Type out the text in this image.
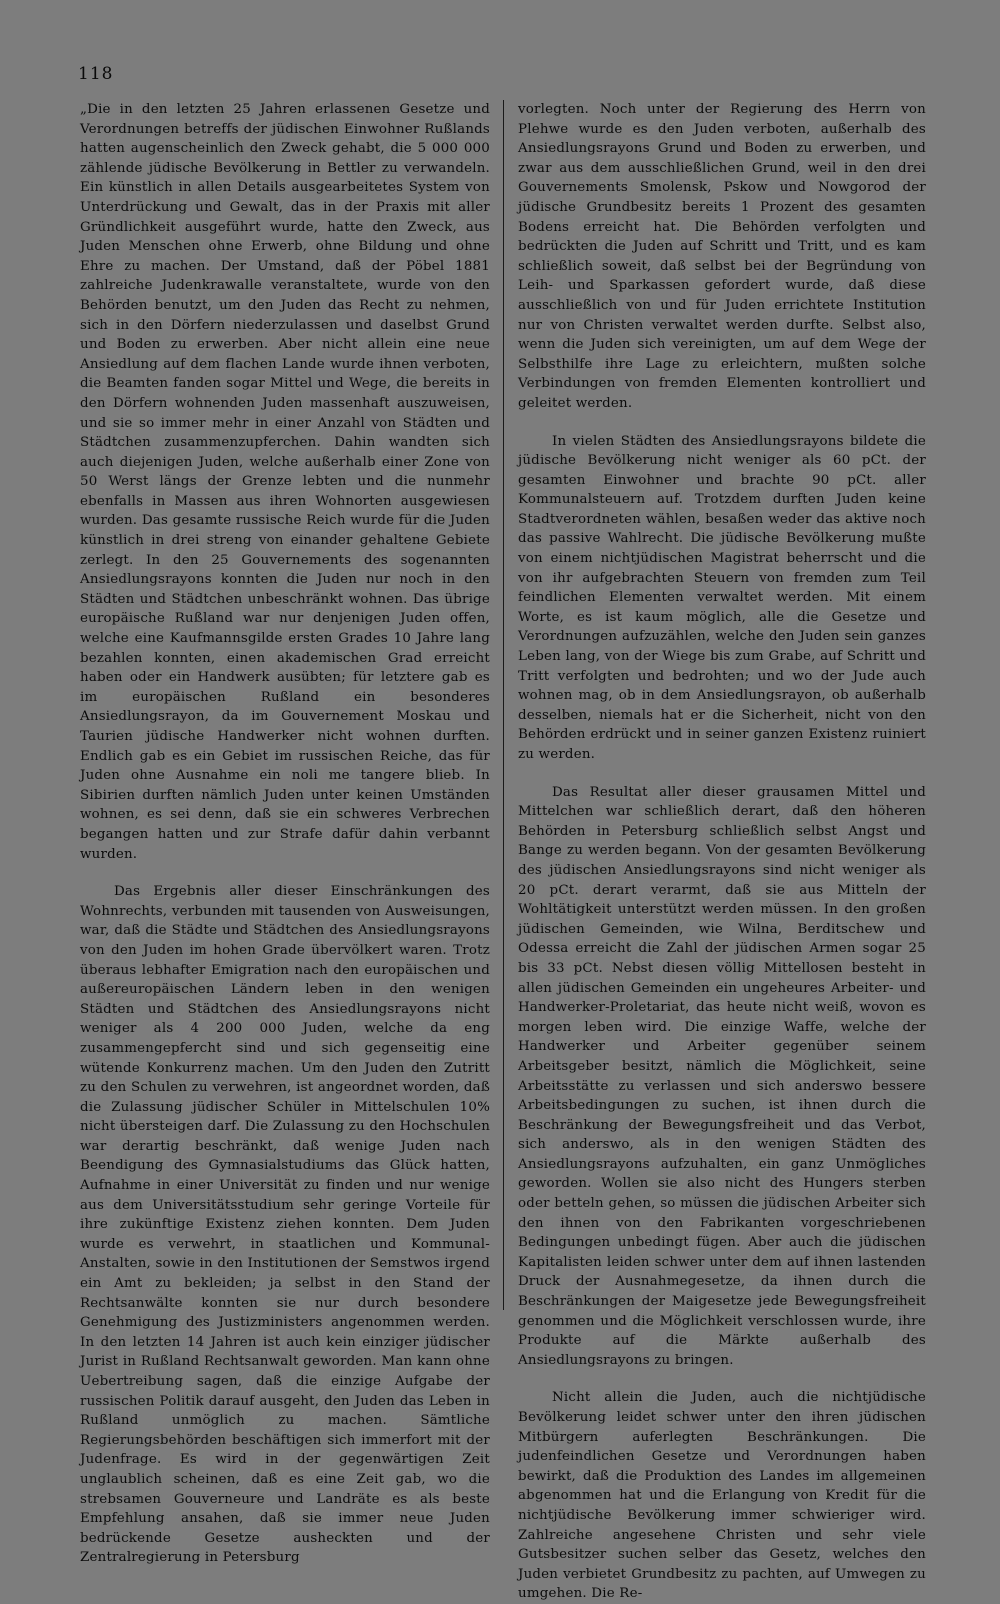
118

„Die in den letzten 25 Jahren erlassenen Gesetze und Verordnungen betreffs der jüdischen Einwohner Rußlands hatten augenscheinlich den Zweck gehabt, die 5 000 000 zählende jüdische Bevölkerung in Bettler zu verwandeln. Ein künstlich in allen Details ausgearbeitetes System von Unterdrückung und Gewalt, das in der Praxis mit aller Gründlichkeit ausgeführt wurde, hatte den Zweck, aus Juden Menschen ohne Erwerb, ohne Bildung und ohne Ehre zu machen. Der Umstand, daß der Pöbel 1881 zahlreiche Judenkrawalle veranstaltete, wurde von den Behörden benutzt, um den Juden das Recht zu nehmen, sich in den Dörfern niederzulassen und daselbst Grund und Boden zu erwerben. Aber nicht allein eine neue Ansiedlung auf dem flachen Lande wurde ihnen verboten, die Beamten fanden sogar Mittel und Wege, die bereits in den Dörfern wohnenden Juden massenhaft auszuweisen, und sie so immer mehr in einer Anzahl von Städten und Städtchen zusammenzupferchen. Dahin wandten sich auch diejenigen Juden, welche außerhalb einer Zone von 50 Werst längs der Grenze lebten und die nunmehr ebenfalls in Massen aus ihren Wohnorten ausgewiesen wurden. Das gesamte russische Reich wurde für die Juden künstlich in drei streng von einander gehaltene Gebiete zerlegt. In den 25 Gouvernements des sogenannten Ansiedlungsrayons konnten die Juden nur noch in den Städten und Städtchen unbeschränkt wohnen. Das übrige europäische Rußland war nur denjenigen Juden offen, welche eine Kaufmannsgilde ersten Grades 10 Jahre lang bezahlen konnten, einen akademischen Grad erreicht haben oder ein Handwerk ausübten; für letztere gab es im europäischen Rußland ein besonderes Ansiedlungsrayon, da im Gouvernement Moskau und Taurien jüdische Handwerker nicht wohnen durften. Endlich gab es ein Gebiet im russischen Reiche, das für Juden ohne Ausnahme ein noli me tangere blieb. In Sibirien durften nämlich Juden unter keinen Umständen wohnen, es sei denn, daß sie ein schweres Verbrechen begangen hatten und zur Strafe dafür dahin verbannt wurden.

Das Ergebnis aller dieser Einschränkungen des Wohnrechts, verbunden mit tausenden von Ausweisungen, war, daß die Städte und Städtchen des Ansiedlungsrayons von den Juden im hohen Grade übervölkert waren. Trotz überaus lebhafter Emigration nach den europäischen und außereuropäischen Ländern leben in den wenigen Städten und Städtchen des Ansiedlungsrayons nicht weniger als 4 200 000 Juden, welche da eng zusammengepfercht sind und sich gegenseitig eine wütende Konkurrenz machen. Um den Juden den Zutritt zu den Schulen zu verwehren, ist angeordnet worden, daß die Zulassung jüdischer Schüler in Mittelschulen 10% nicht übersteigen darf. Die Zulassung zu den Hochschulen war derartig beschränkt, daß wenige Juden nach Beendigung des Gymnasialstudiums das Glück hatten, Aufnahme in einer Universität zu finden und nur wenige aus dem Universitätsstudium sehr geringe Vorteile für ihre zukünftige Existenz ziehen konnten. Dem Juden wurde es verwehrt, in staatlichen und Kommunal-Anstalten, sowie in den Institutionen der Semstwos irgend ein Amt zu bekleiden; ja selbst in den Stand der Rechtsanwälte konnten sie nur durch besondere Genehmigung des Justizministers angenommen werden. In den letzten 14 Jahren ist auch kein einziger jüdischer Jurist in Rußland Rechtsanwalt geworden. Man kann ohne Uebertreibung sagen, daß die einzige Aufgabe der russischen Politik darauf ausgeht, den Juden das Leben in Rußland unmöglich zu machen. Sämtliche Regierungsbehörden beschäftigen sich immerfort mit der Judenfrage. Es wird in der gegenwärtigen Zeit unglaublich scheinen, daß es eine Zeit gab, wo die strebsamen Gouverneure und Landräte es als beste Empfehlung ansahen, daß sie immer neue Juden bedrückende Gesetze ausheckten und der Zentralregierung in Petersburg

vorlegten. Noch unter der Regierung des Herrn von Plehwe wurde es den Juden verboten, außerhalb des Ansiedlungsrayons Grund und Boden zu erwerben, und zwar aus dem ausschließlichen Grund, weil in den drei Gouvernements Smolensk, Pskow und Nowgorod der jüdische Grundbesitz bereits 1 Prozent des gesamten Bodens erreicht hat. Die Behörden verfolgten und bedrückten die Juden auf Schritt und Tritt, und es kam schließlich soweit, daß selbst bei der Begründung von Leih- und Sparkassen gefordert wurde, daß diese ausschließlich von und für Juden errichtete Institution nur von Christen verwaltet werden durfte. Selbst also, wenn die Juden sich vereinigten, um auf dem Wege der Selbsthilfe ihre Lage zu erleichtern, mußten solche Verbindungen von fremden Elementen kontrolliert und geleitet werden.

In vielen Städten des Ansiedlungsrayons bildete die jüdische Bevölkerung nicht weniger als 60 pCt. der gesamten Einwohner und brachte 90 pCt. aller Kommunalsteuern auf. Trotzdem durften Juden keine Stadtverordneten wählen, besaßen weder das aktive noch das passive Wahlrecht. Die jüdische Bevölkerung mußte von einem nichtjüdischen Magistrat beherrscht und die von ihr aufgebrachten Steuern von fremden zum Teil feindlichen Elementen verwaltet werden. Mit einem Worte, es ist kaum möglich, alle die Gesetze und Verordnungen aufzuzählen, welche den Juden sein ganzes Leben lang, von der Wiege bis zum Grabe, auf Schritt und Tritt verfolgten und bedrohten; und wo der Jude auch wohnen mag, ob in dem Ansiedlungsrayon, ob außerhalb desselben, niemals hat er die Sicherheit, nicht von den Behörden erdrückt und in seiner ganzen Existenz ruiniert zu werden.

Das Resultat aller dieser grausamen Mittel und Mittelchen war schließlich derart, daß den höheren Behörden in Petersburg schließlich selbst Angst und Bange zu werden begann. Von der gesamten Bevölkerung des jüdischen Ansiedlungsrayons sind nicht weniger als 20 pCt. derart verarmt, daß sie aus Mitteln der Wohltätigkeit unterstützt werden müssen. In den großen jüdischen Gemeinden, wie Wilna, Berditschew und Odessa erreicht die Zahl der jüdischen Armen sogar 25 bis 33 pCt. Nebst diesen völlig Mittellosen besteht in allen jüdischen Gemeinden ein ungeheures Arbeiter- und Handwerker-Proletariat, das heute nicht weiß, wovon es morgen leben wird. Die einzige Waffe, welche der Handwerker und Arbeiter gegenüber seinem Arbeitsgeber besitzt, nämlich die Möglichkeit, seine Arbeitsstätte zu verlassen und sich anderswo bessere Arbeitsbedingungen zu suchen, ist ihnen durch die Beschränkung der Bewegungsfreiheit und das Verbot, sich anderswo, als in den wenigen Städten des Ansiedlungsrayons aufzuhalten, ein ganz Unmögliches geworden. Wollen sie also nicht des Hungers sterben oder betteln gehen, so müssen die jüdischen Arbeiter sich den ihnen von den Fabrikanten vorgeschriebenen Bedingungen unbedingt fügen. Aber auch die jüdischen Kapitalisten leiden schwer unter dem auf ihnen lastenden Druck der Ausnahmegesetze, da ihnen durch die Beschränkungen der Maigesetze jede Bewegungsfreiheit genommen und die Möglichkeit verschlossen wurde, ihre Produkte auf die Märkte außerhalb des Ansiedlungsrayons zu bringen.

Nicht allein die Juden, auch die nichtjüdische Bevölkerung leidet schwer unter den ihren jüdischen Mitbürgern auferlegten Beschränkungen. Die judenfeindlichen Gesetze und Verordnungen haben bewirkt, daß die Produktion des Landes im allgemeinen abgenommen hat und die Erlangung von Kredit für die nichtjüdische Bevölkerung immer schwieriger wird. Zahlreiche angesehene Christen und sehr viele Gutsbesitzer suchen selber das Gesetz, welches den Juden verbietet Grundbesitz zu pachten, auf Umwegen zu umgehen. Die Re-
